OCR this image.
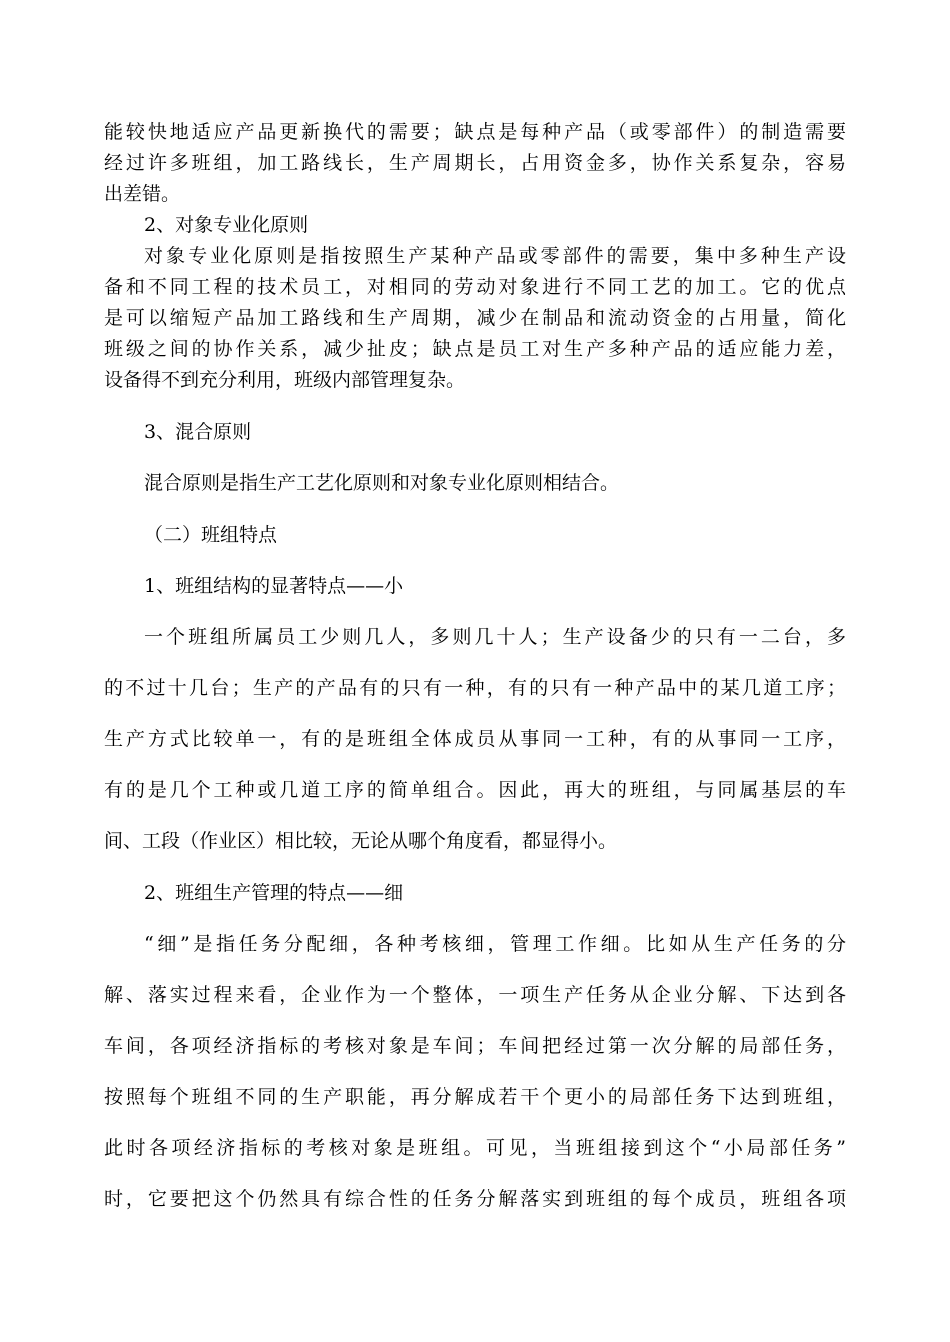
能较快地适应产品更新换代的需要；缺点是每种产品（或零部件）的制造需要
经过许多班组，加工路线长，生产周期长，占用资金多，协作关系复杂，容易
出差错。
2、对象专业化原则
对象专业化原则是指按照生产某种产品或零部件的需要，集中多种生产设
备和不同工程的技术员工，对相同的劳动对象进行不同工艺的加工。它的优点
是可以缩短产品加工路线和生产周期，减少在制品和流动资金的占用量，简化
班级之间的协作关系，减少扯皮；缺点是员工对生产多种产品的适应能力差，
设备得不到充分利用，班级内部管理复杂。
3、混合原则
混合原则是指生产工艺化原则和对象专业化原则相结合。
（二）班组特点
1、班组结构的显著特点——小
一个班组所属员工少则几人，多则几十人；生产设备少的只有一二台，多
的不过十几台；生产的产品有的只有一种，有的只有一种产品中的某几道工序；
生产方式比较单一，有的是班组全体成员从事同一工种，有的从事同一工序，
有的是几个工种或几道工序的简单组合。因此，再大的班组，与同属基层的车
间、工段（作业区）相比较，无论从哪个角度看，都显得小。
2、班组生产管理的特点——细
“细”是指任务分配细，各种考核细，管理工作细。比如从生产任务的分
解、落实过程来看，企业作为一个整体，一项生产任务从企业分解、下达到各
车间，各项经济指标的考核对象是车间；车间把经过第一次分解的局部任务，
按照每个班组不同的生产职能，再分解成若干个更小的局部任务下达到班组，
此时各项经济指标的考核对象是班组。可见，当班组接到这个“小局部任务”
时，它要把这个仍然具有综合性的任务分解落实到班组的每个成员，班组各项
